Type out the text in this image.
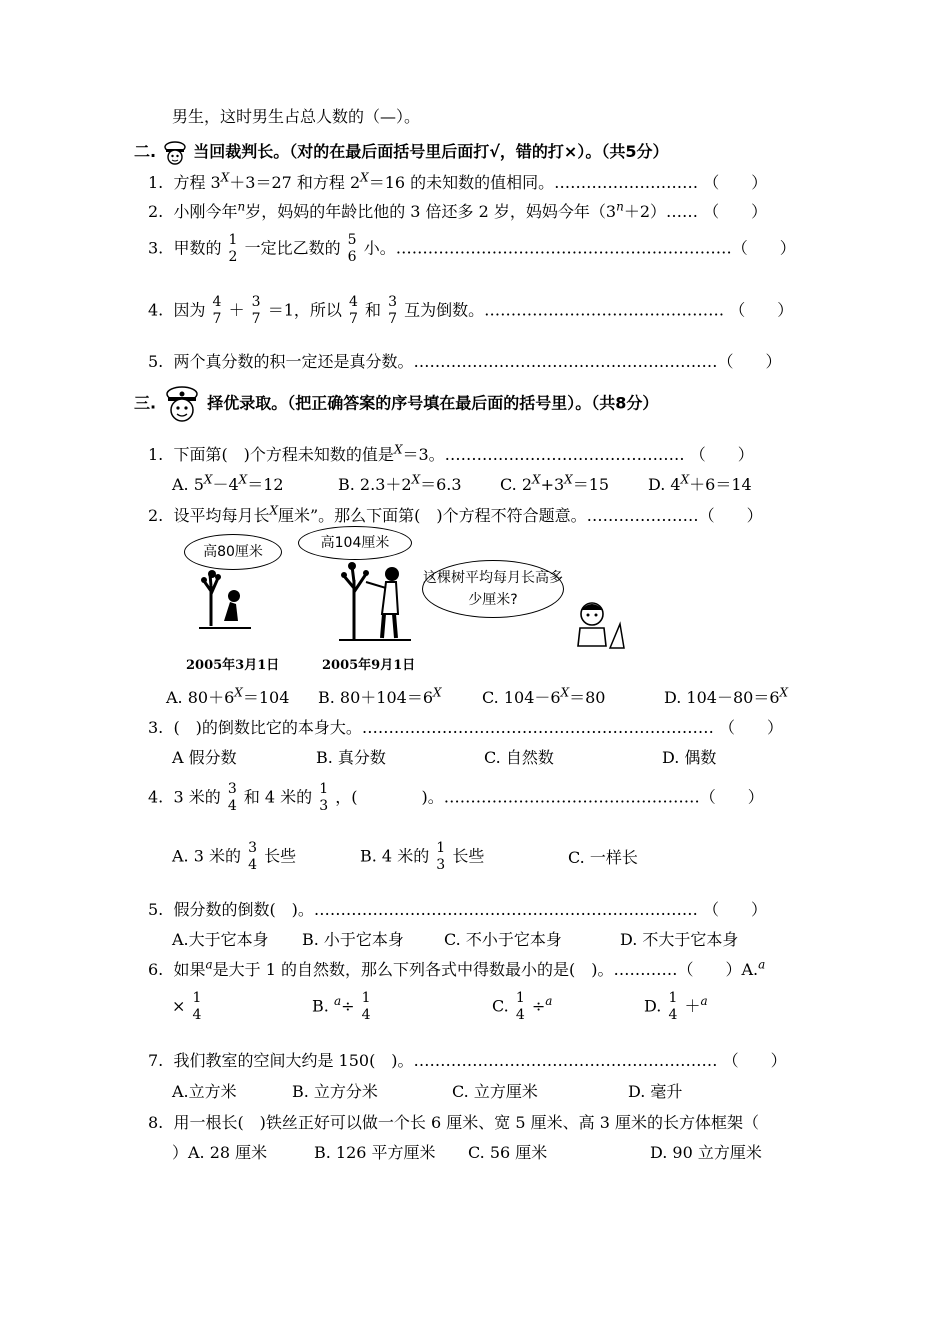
男生，这时男生占总人数的（—）。
二. 当回裁判长。（对的在最后面括号里后面打√，错的打×）。（共5分）
1. 方程 $3^X+3=27$ 和方程 $2^X=16$ 的未知数的值相同。……………………… （　　）
2. 小刚今年$^n$岁，妈妈的年龄比他的 3 倍还多 2 岁，妈妈今年$(3^n+2)\dots\dots$ （　　）
3. 甲数的 1
2 一定比乙数的 5
6 小。………………………………………………………（　　）
4. 因为 4
7 ＋ 3
7 ＝1，所以 4
7 和 3
7 互为倒数。……………………………………… （　　）
5. 两个真分数的积一定还是真分数。…………………………………………………（　　）
三.	择优录取。（把正确答案的序号填在最后面的括号里）。（共8分）
1. 下面第(　)个方程未知数的值是$^X$＝3。……………………………………… （　　）
A. $5^X-4^X=12$	B. $2.3+2^X=6.3$ C. $2^X+3^X=15$ D. $4^X+6=14$
2. 设平均每月长$^X$厘米”。那么下面第(　)个方程不符合题意。…………………（　　）
高80厘米
高104厘米
这棵树平均每月长高多少厘米?
2005年3月1日	2005年9月1日
A. $80+6^X=104$ B. $80+104=6^X$	C. $104-6^X=80$	D. $104-80=6^X$
3. (　)的倒数比它的本身大。………………………………………………………… （　　）
A 假分数	B. 真分数	C. 自然数	D. 偶数
4. 3 米的 3
4 和 4 米的 1
3 ，(　　　　)。…………………………………………（　　）
A. 3 米的 3
4 长些	B. 4 米的 1
3 长些	C. 一样长
5. 假分数的倒数(　)。……………………………………………………………… （　　）
A.大于它本身 B. 小于它本身	C. 不小于它本身	D. 不大于它本身
6. 如果$^a$是大于 1 的自然数，那么下列各式中得数最小的是(　)。…………（　　）A.$^a$
× 1
4	B. $^a$÷ 1
4	C. 1
4 ÷$^a$	D. 1
4 ＋$^a$
7. 我们教室的空间大约是 150(　)。………………………………………………… （　　）
A.立方米	B. 立方分米	C. 立方厘米	D. 毫升
8. 用一根长(　)铁丝正好可以做一个长 6 厘米、宽 5 厘米、高 3 厘米的长方体框架（
）A. 28 厘米	B. 126 平方厘米 C. 56 厘米	D. 90 立方厘米
